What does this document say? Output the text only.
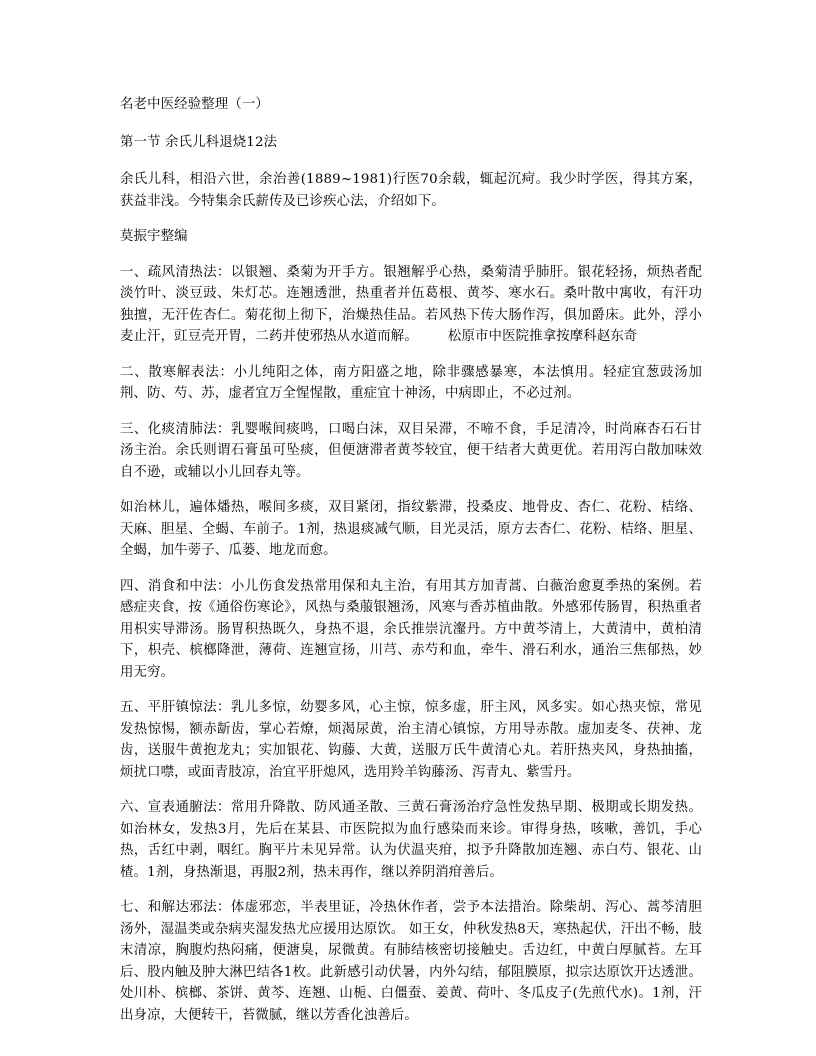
名老中医经验整理（一）

第一节 余氏儿科退烧12法

余氏儿科，相沿六世，余治善(1889~1981)行医70余载，辄起沉疴。我少时学医，得其方案，获益非浅。今特集余氏薪传及已诊疾心法，介绍如下。

莫振宇整编

一、疏风清热法：以银翘、桑菊为开手方。银翘解乎心热，桑菊清乎肺肝。银花轻扬，烦热者配淡竹叶、淡豆豉、朱灯芯。连翘透泄，热重者并伍葛根、黄芩、寒水石。桑叶散中寓收，有汗功独擅，无汗佐杏仁。菊花彻上彻下，治燥热佳品。若风热下传大肠作泻，俱加爵床。此外，浮小麦止汗，豇豆壳开胃，二药并使邪热从水道而解。 松原市中医院推拿按摩科赵东奇

二、散寒解表法：小儿纯阳之体，南方阳盛之地，除非骤感暴寒，本法慎用。轻症宜葱豉汤加荆、防、芍、苏，虚者宜万全惺惺散，重症宜十神汤，中病即止，不必过剂。

三、化痰清肺法：乳婴喉间痰鸣，口喝白沫，双目呆滞，不啼不食，手足清冷，时尚麻杏石石甘汤主治。余氏则谓石膏虽可坠痰，但便溏滞者黄芩较宜，便干结者大黄更优。若用泻白散加味效自不逊，或辅以小儿回春丸等。

如治林儿，遍体燔热，喉间多痰，双目紧闭，指纹紫滞，投桑皮、地骨皮、杏仁、花粉、桔络、天麻、胆星、全蝎、车前子。1剂，热退痰减气顺，目光灵活，原方去杏仁、花粉、桔络、胆星、全蝎，加牛蒡子、瓜蒌、地龙而愈。

四、消食和中法：小儿伤食发热常用保和丸主治，有用其方加青蒿、白薇治愈夏季热的案例。若感症夹食，按《通俗伤寒论》，风热与桑菔银翘汤，风寒与香苏植曲散。外感邪传肠胃，积热重者用枳实导滞汤。肠胃积热既久，身热不退，余氏推崇沆瀣丹。方中黄芩清上，大黄清中，黄柏清下，枳壳、槟榔降泄，薄荷、连翘宣扬，川芎、赤芍和血，牵牛、滑石利水，通治三焦郁热，妙用无穷。

五、平肝镇惊法：乳儿多惊，幼婴多风，心主惊，惊多虚，肝主风，风多实。如心热夹惊，常见发热惊惕，额赤龂齿，掌心若燎，烦渴尿黄，治主清心镇惊，方用导赤散。虚加麦冬、茯神、龙齿，送服牛黄抱龙丸；实加银花、钩藤、大黄，送服万氏牛黄清心丸。若肝热夹风，身热抽搐，烦扰口噤，或面青肢凉，治宜平肝熄风，选用羚羊钩藤汤、泻青丸、紫雪丹。

六、宣表通腑法：常用升降散、防风通圣散、三黄石膏汤治疗急性发热早期、极期或长期发热。如治林女，发热3月，先后在某县、市医院拟为血行感染而来诊。审得身热，咳嗽，善饥，手心热，舌红中剥，咽红。胸平片未见异常。认为伏温夹疳，拟予升降散加连翘、赤白芍、银花、山楂。1剂，身热渐退，再服2剂，热未再作，继以养阴消疳善后。

七、和解达邪法：体虚邪恋，半表里证，冷热休作者，尝予本法措治。除柴胡、泻心、蒿芩清胆汤外，湿温类或杂病夹湿发热尤应援用达原饮。 如王女，仲秋发热8天，寒热起伏，汗出不畅，肢末清凉，胸腹灼热闷痛，便溏臭，尿微黄。有肺结核密切接触史。舌边红，中黄白厚腻苔。左耳后、股内触及肿大淋巴结各1枚。此新感引动伏暑，内外勾结，郁阻膜原，拟宗达原饮开达透泄。处川朴、槟榔、茶饼、黄芩、连翘、山栀、白僵蚕、姜黄、荷叶、冬瓜皮子(先煎代水)。1剂，汗出身凉，大便转干，苔微腻，继以芳香化浊善后。
